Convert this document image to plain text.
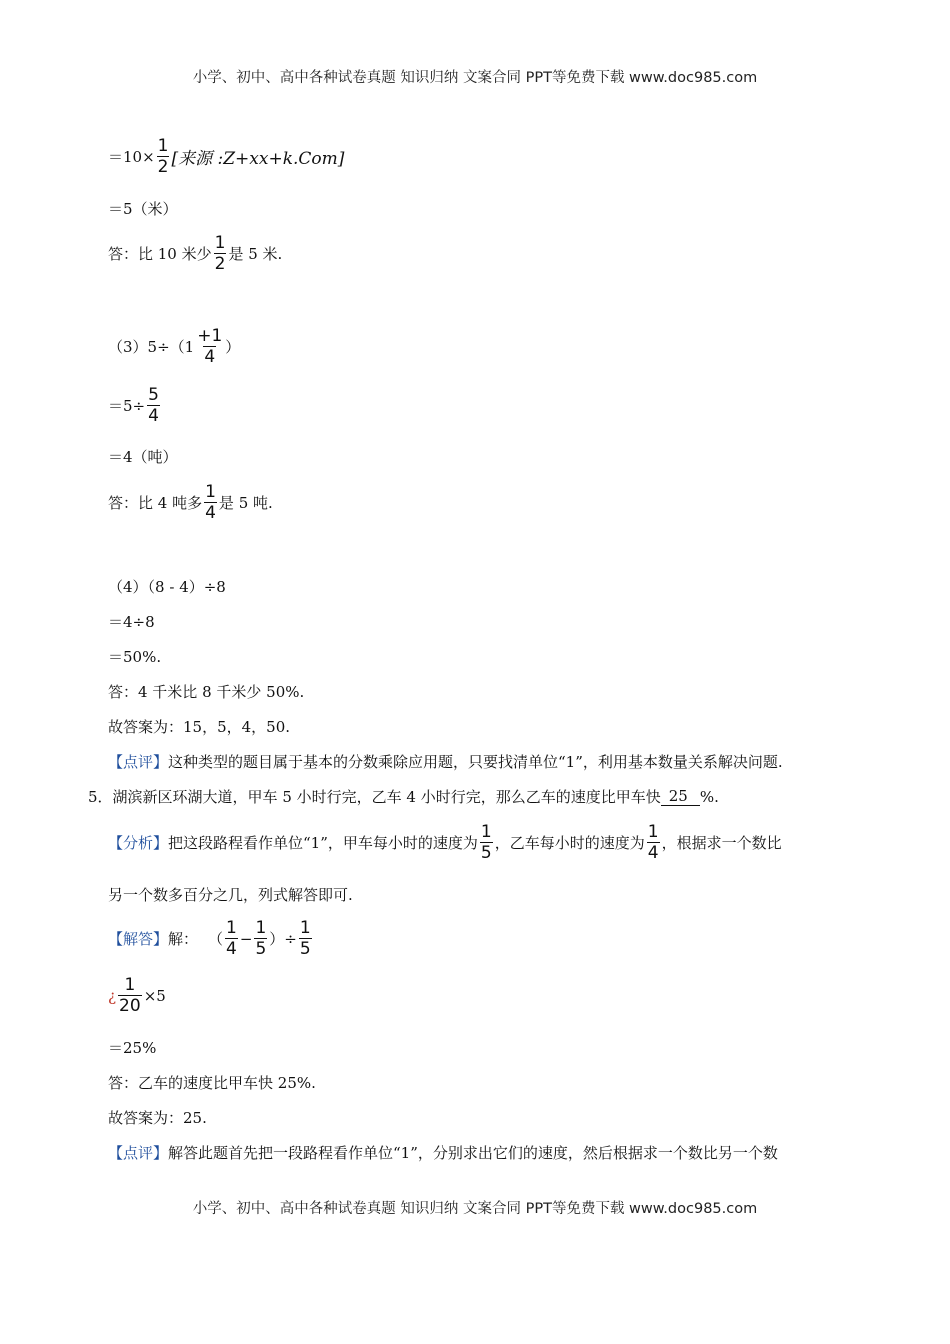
小学、初中、高中各种试卷真题 知识归纳 文案合同 PPT等免费下载 www.doc985.com
$=10\times \frac{1}{2}$ [来源 :Z+xx+k.Com]
＝5（米）
答：比 10 米少 $\frac{1}{2}$ 是 5 米.
$(3)5\div(1 \frac{+1}{4}$ ）
$=5\div \frac{5}{4}$
＝4（吨）
答：比 4 吨多 $\frac{1}{4}$ 是 5 吨.
（4）（8 - 4）÷8
＝4÷8
＝50%.
答：4 千米比 8 千米少 50%.
故答案为：15，5，4，50.
【点评】 这种类型的题目属于基本的分数乘除应用题，只要找清单位“1”，利用基本数量关系解决问题.
5．湖滨新区环湖大道，甲车 5 小时行完，乙车 4 小时行完，那么乙车的速度比甲车快 25 %.
【分析】 把这段路程看作单位“1”，甲车每小时的速度为 $\frac{1}{5}$ ，乙车每小时的速度为 $\frac{1}{4}$ ，根据求一个数比
另一个数多百分之几，列式解答即可.
【解答】 解： （ $\frac{1}{4} - \frac{1}{5}$ ）÷ $\frac{1}{5}$
¿ $\frac{1}{20} \times 5$
＝25%
答：乙车的速度比甲车快 25%.
故答案为：25.
【点评】 解答此题首先把一段路程看作单位“1”，分别求出它们的速度，然后根据求一个数比另一个数
小学、初中、高中各种试卷真题 知识归纳 文案合同 PPT等免费下载 www.doc985.com
